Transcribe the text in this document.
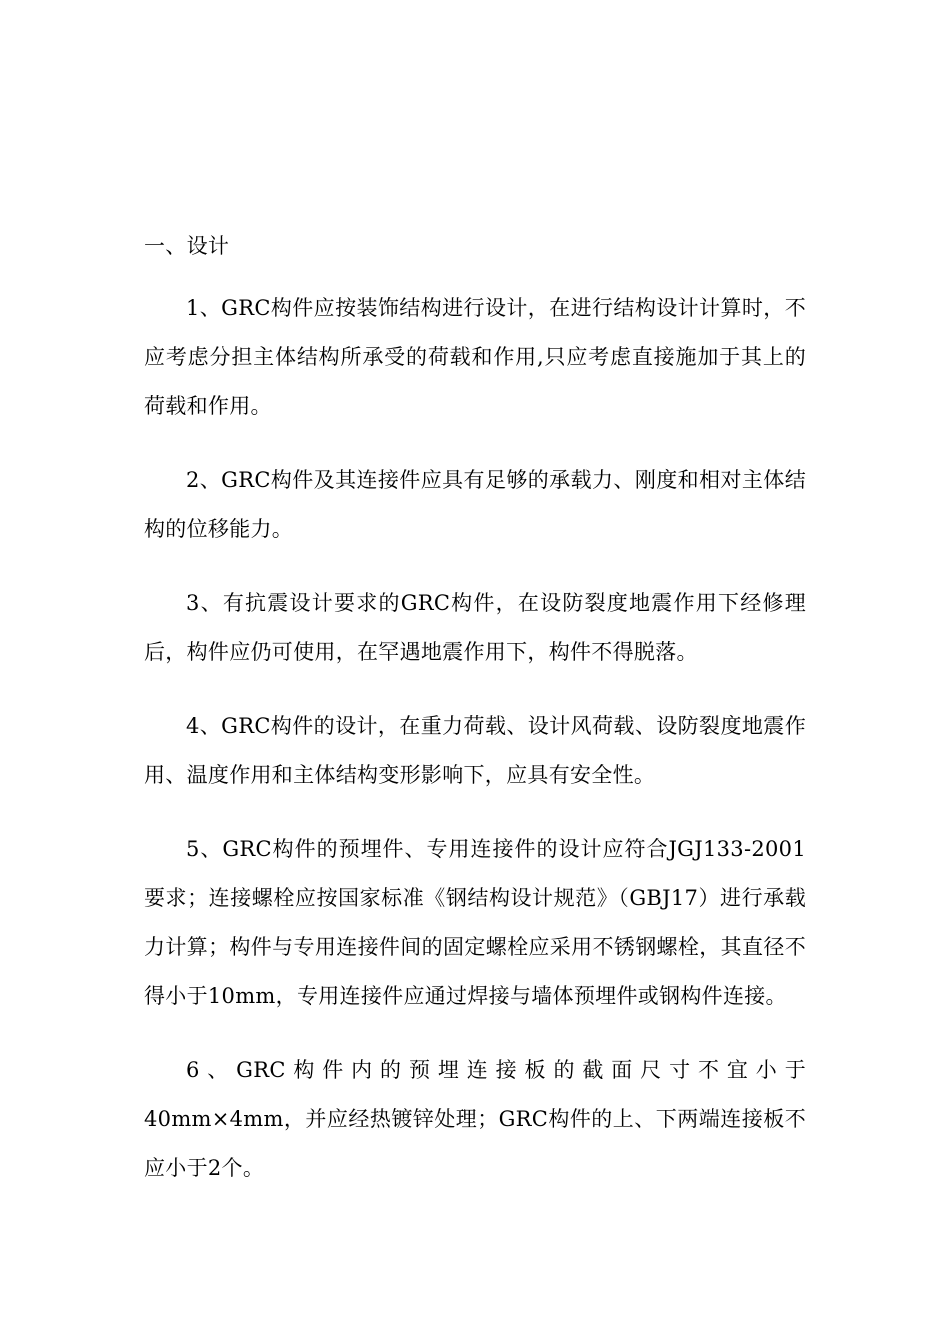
一、设计

1、GRC构件应按装饰结构进行设计，在进行结构设计计算时，不应考虑分担主体结构所承受的荷载和作用,只应考虑直接施加于其上的荷载和作用。

2、GRC构件及其连接件应具有足够的承载力、刚度和相对主体结构的位移能力。

3、有抗震设计要求的GRC构件，在设防裂度地震作用下经修理后，构件应仍可使用，在罕遇地震作用下，构件不得脱落。

4、GRC构件的设计，在重力荷载、设计风荷载、设防裂度地震作用、温度作用和主体结构变形影响下，应具有安全性。

5、GRC构件的预埋件、专用连接件的设计应符合JGJ133-2001要求；连接螺栓应按国家标准《钢结构设计规范》（GBJ17）进行承载力计算；构件与专用连接件间的固定螺栓应采用不锈钢螺栓，其直径不得小于10mm，专用连接件应通过焊接与墙体预埋件或钢构件连接。

6、GRC构件内的预埋连接板的截面尺寸不宜小于40mm×4mm，并应经热镀锌处理；GRC构件的上、下两端连接板不应小于2个。
